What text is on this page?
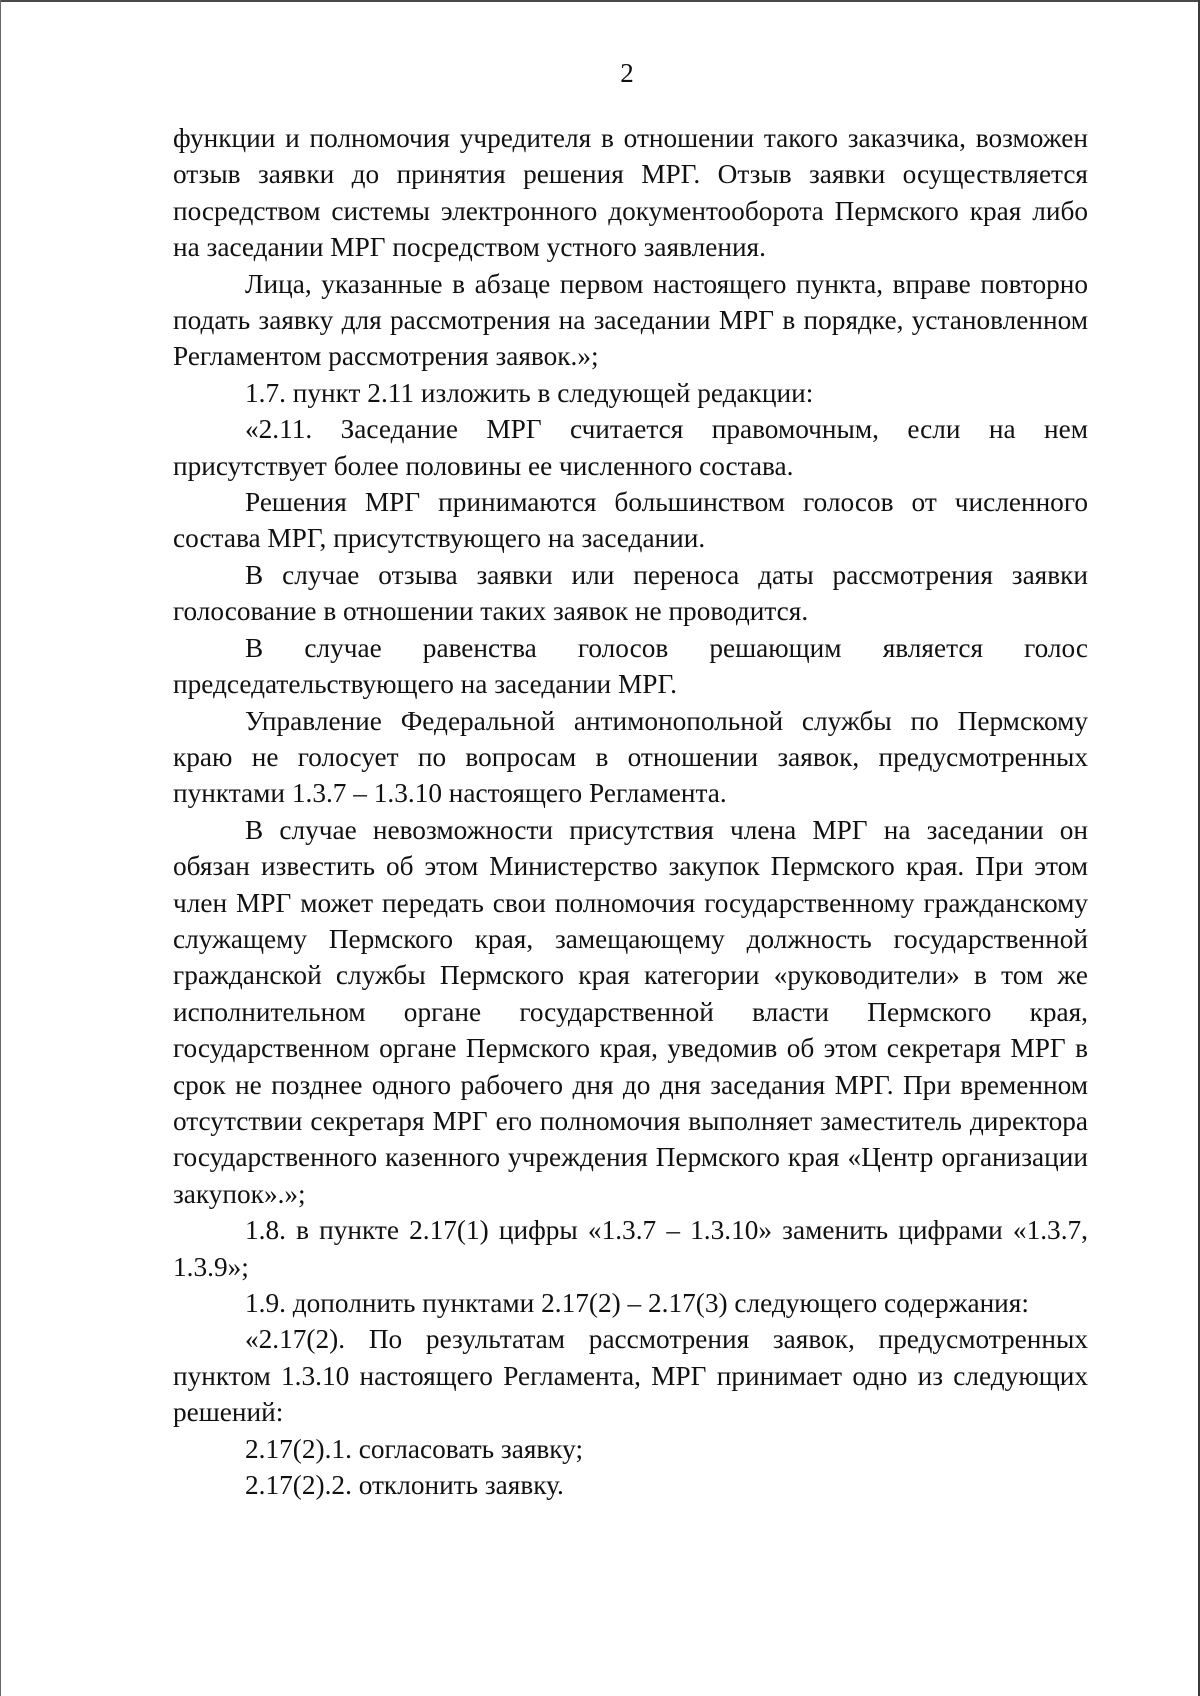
2

функции и полномочия учредителя в отношении такого заказчика, возможен отзыв заявки до принятия решения МРГ. Отзыв заявки осуществляется посредством системы электронного документооборота Пермского края либо на заседании МРГ посредством устного заявления.

Лица, указанные в абзаце первом настоящего пункта, вправе повторно подать заявку для рассмотрения на заседании МРГ в порядке, установленном Регламентом рассмотрения заявок.»;

1.7. пункт 2.11 изложить в следующей редакции:

«2.11. Заседание МРГ считается правомочным, если на нем присутствует более половины ее численного состава.

Решения МРГ принимаются большинством голосов от численного состава МРГ, присутствующего на заседании.

В случае отзыва заявки или переноса даты рассмотрения заявки голосование в отношении таких заявок не проводится.

В случае равенства голосов решающим является голос председательствующего на заседании МРГ.

Управление Федеральной антимонопольной службы по Пермскому краю не голосует по вопросам в отношении заявок, предусмотренных пунктами 1.3.7 – 1.3.10 настоящего Регламента.

В случае невозможности присутствия члена МРГ на заседании он обязан известить об этом Министерство закупок Пермского края. При этом член МРГ может передать свои полномочия государственному гражданскому служащему Пермского края, замещающему должность государственной гражданской службы Пермского края категории «руководители» в том же исполнительном органе государственной власти Пермского края, государственном органе Пермского края, уведомив об этом секретаря МРГ в срок не позднее одного рабочего дня до дня заседания МРГ. При временном отсутствии секретаря МРГ его полномочия выполняет заместитель директора государственного казенного учреждения Пермского края «Центр организации закупок».»;

1.8. в пункте 2.17(1) цифры «1.3.7 – 1.3.10» заменить цифрами «1.3.7, 1.3.9»;

1.9. дополнить пунктами 2.17(2) – 2.17(3) следующего содержания:

«2.17(2). По результатам рассмотрения заявок, предусмотренных пунктом 1.3.10 настоящего Регламента, МРГ принимает одно из следующих решений:

2.17(2).1. согласовать заявку;

2.17(2).2. отклонить заявку.
